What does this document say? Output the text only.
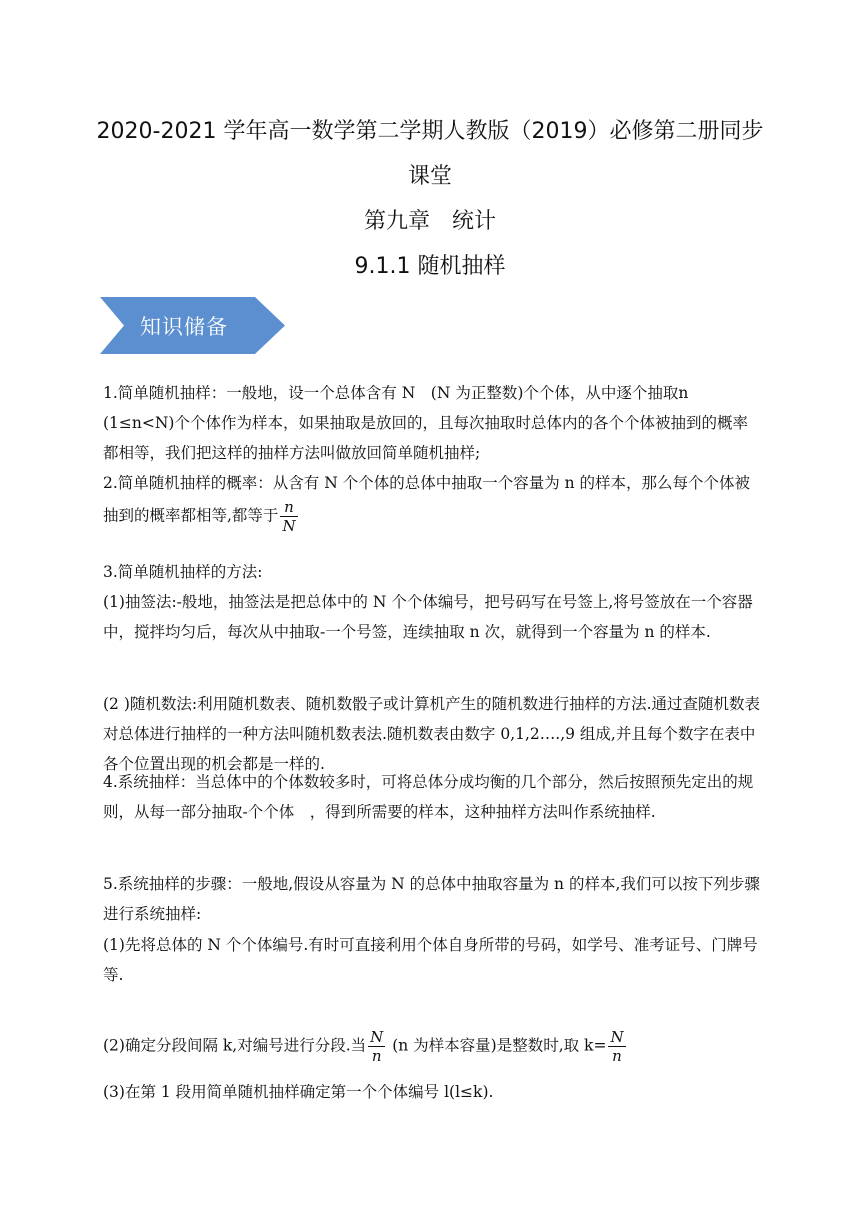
2020-2021 学年高一数学第二学期人教版（2019）必修第二册同步
课堂
第九章　统计
9.1.1 随机抽样
知识储备

1.简单随机抽样：一般地，设一个总体含有 N　(N 为正整数)个个体，从中逐个抽取n　(1≤n<N)个个体作为样本，如果抽取是放回的，且每次抽取时总体内的各个个体被抽到的概率都相等，我们把这样的抽样方法叫做放回简单随机抽样;

2.简单随机抽样的概率：从含有 N 个个体的总体中抽取一个容量为 n 的样本，那么每个个体被抽到的概率都相等,都等于 $\frac{n}{N}$

3.简单随机抽样的方法:

(1)抽签法:-般地，抽签法是把总体中的 N 个个体编号，把号码写在号签上,将号签放在一个容器中，搅拌均匀后，每次从中抽取-一个号签，连续抽取 n 次，就得到一个容量为 n 的样本.

(2 )随机数法:利用随机数表、随机数骰子或计算机产生的随机数进行抽样的方法.通过查随机数表对总体进行抽样的一种方法叫随机数表法.随机数表由数字 0,1,2….,9 组成,并且每个数字在表中各个位置出现的机会都是一样的.

4.系统抽样：当总体中的个体数较多时，可将总体分成均衡的几个部分，然后按照预先定出的规　则，从每一部分抽取-个个体　，得到所需要的样本，这种抽样方法叫作系统抽样.

5.系统抽样的步骤：一般地,假设从容量为 N 的总体中抽取容量为 n 的样本,我们可以按下列步骤进行系统抽样:

(1)先将总体的 N 个个体编号.有时可直接利用个体自身所带的号码，如学号、准考证号、门牌号等.

(2)确定分段间隔 k,对编号进行分段.当 $\frac{N}{n} (n$ 为样本容量)是整数时,取 $k= \frac{N}{n}$

(3)在第 1 段用简单随机抽样确定第一个个体编号 l(l≤k).
